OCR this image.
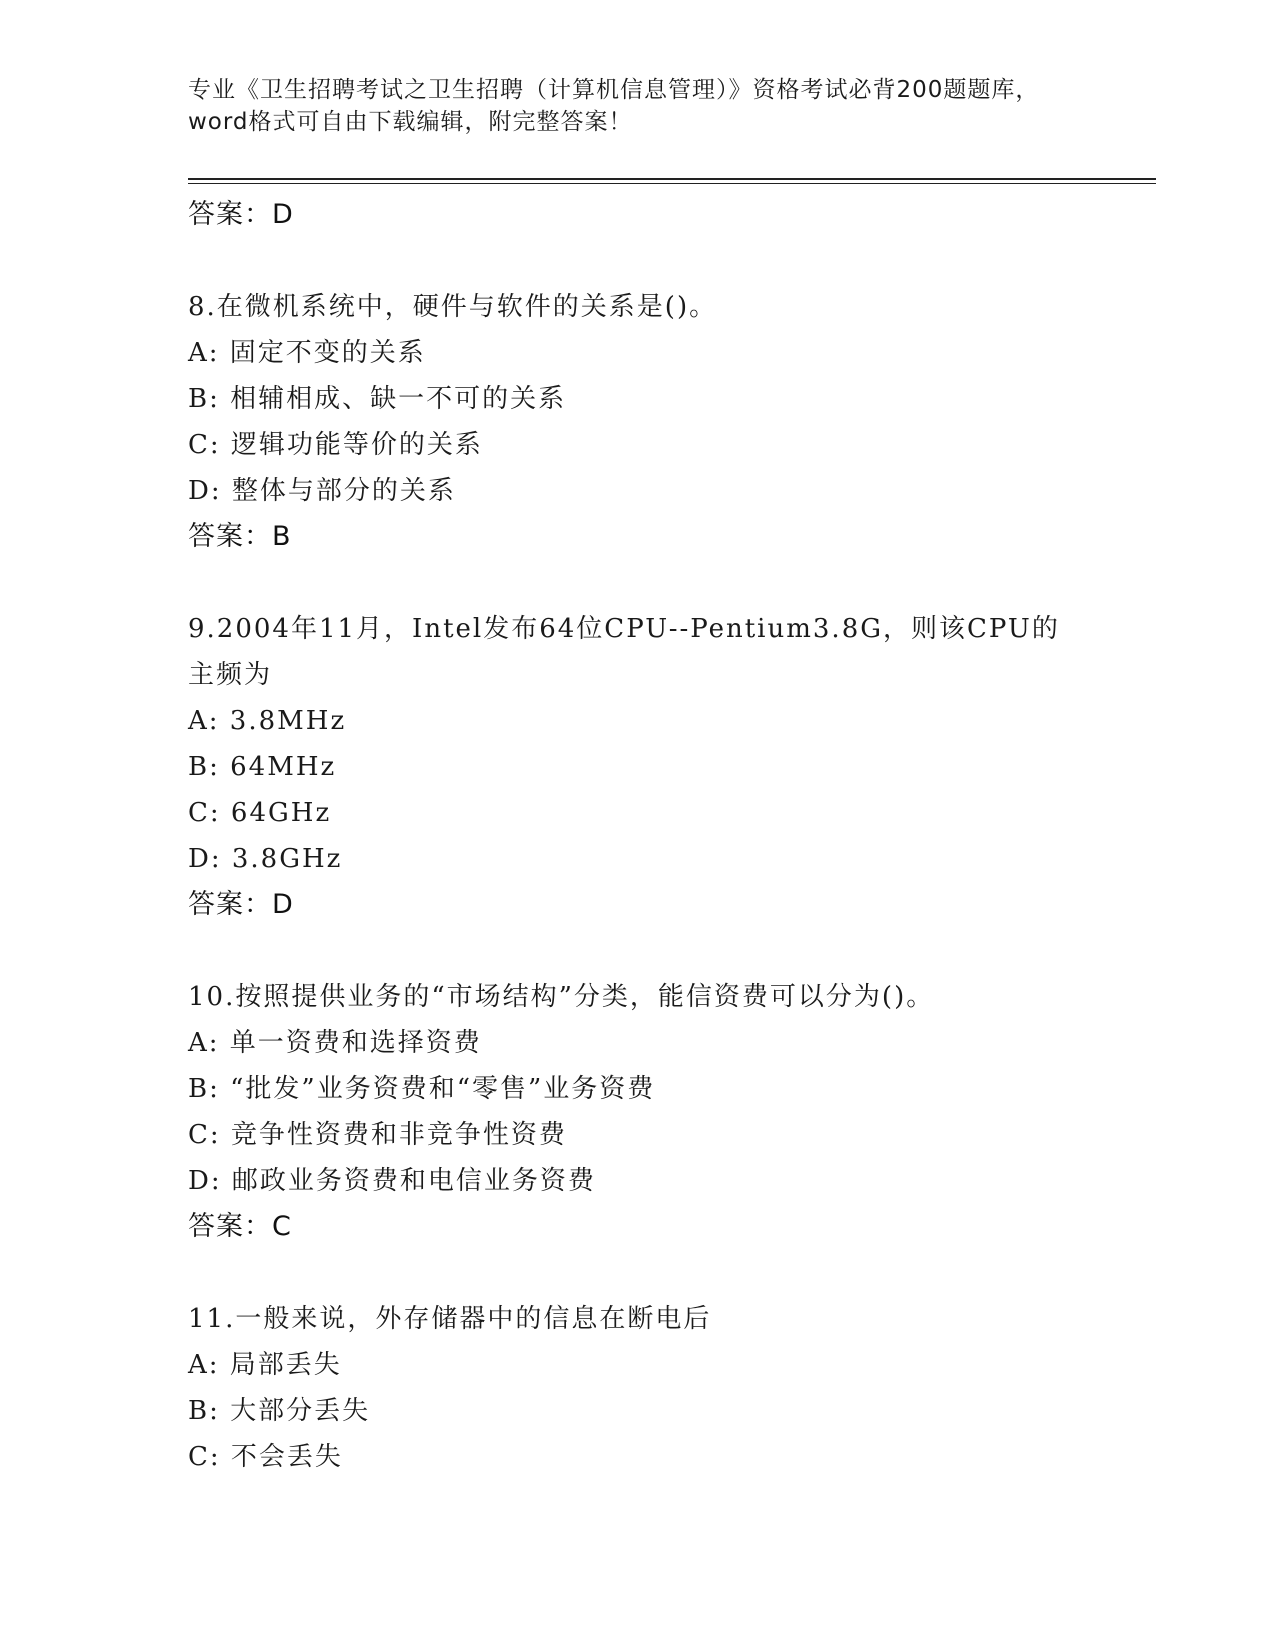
专业《卫生招聘考试之卫生招聘（计算机信息管理）》资格考试必背200题题库，word格式可自由下载编辑，附完整答案！
答案：D
8.在微机系统中，硬件与软件的关系是()。
A: 固定不变的关系
B: 相辅相成、缺一不可的关系
C: 逻辑功能等价的关系
D: 整体与部分的关系
答案：B
9.2004年11月，Intel发布64位CPU--Pentium3.8G，则该CPU的主频为
A: 3.8MHz
B: 64MHz
C: 64GHz
D: 3.8GHz
答案：D
10.按照提供业务的“市场结构”分类，能信资费可以分为()。
A: 单一资费和选择资费
B: “批发”业务资费和“零售”业务资费
C: 竞争性资费和非竞争性资费
D: 邮政业务资费和电信业务资费
答案：C
11.一般来说，外存储器中的信息在断电后
A: 局部丢失
B: 大部分丢失
C: 不会丢失
